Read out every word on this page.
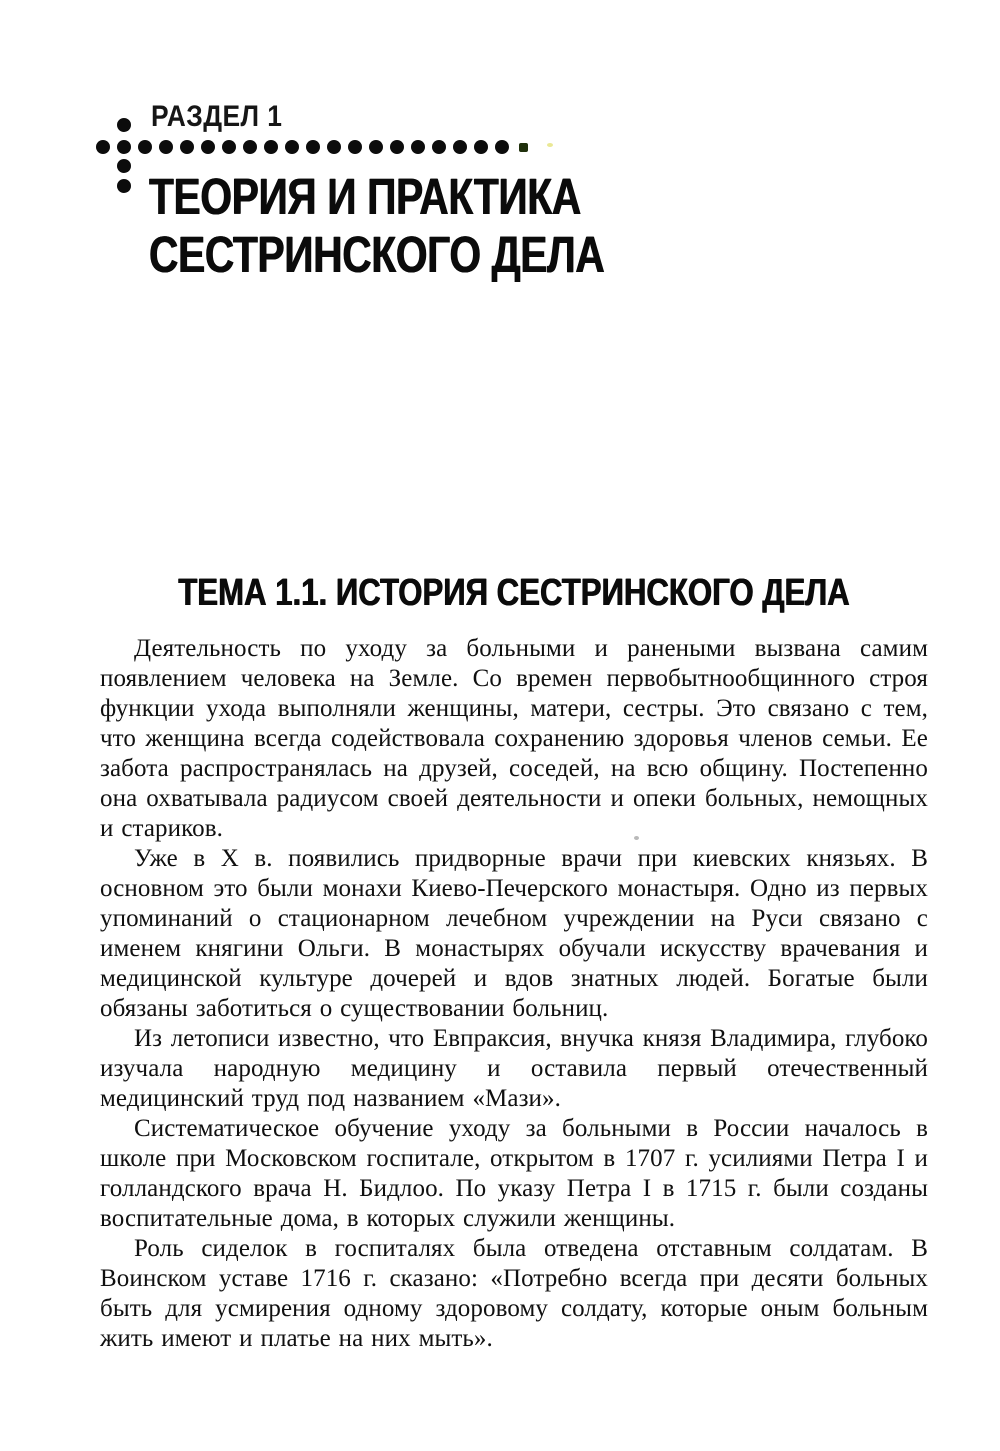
РАЗДЕЛ 1
ТЕОРИЯ И ПРАКТИКА
СЕСТРИНСКОГО ДЕЛА
ТЕМА 1.1. ИСТОРИЯ СЕСТРИНСКОГО ДЕЛА

Деятельность по уходу за больными и ранеными вызвана самим появлением человека на Земле. Со времен первобытнообщинного строя функции ухода выполняли женщины, матери, сестры. Это связано с тем, что женщина всегда содействовала сохранению здоровья членов семьи. Ее забота распространялась на друзей, соседей, на всю общину. Постепенно она охватывала радиусом своей деятельности и опеки больных, немощных и стариков.

Уже в X в. появились придворные врачи при киевских князьях. В основном это были монахи Киево-Печерского монастыря. Одно из первых упоминаний о стационарном лечебном учреждении на Руси связано с именем княгини Ольги. В монастырях обучали искусству врачевания и медицинской культуре дочерей и вдов знатных людей. Богатые были обязаны заботиться о существовании больниц.

Из летописи известно, что Евпраксия, внучка князя Владимира, глубоко изучала народную медицину и оставила первый отечественный медицинский труд под названием «Мази».

Систематическое обучение уходу за больными в России началось в школе при Московском госпитале, открытом в 1707 г. усилиями Петра I и голландского врача Н. Бидлоо. По указу Петра I в 1715 г. были созданы воспитательные дома, в которых служили женщины.

Роль сиделок в госпиталях была отведена отставным солдатам. В Воинском уставе 1716 г. сказано: «Потребно всегда при десяти больных быть для усмирения одному здоровому солдату, которые оным больным жить имеют и платье на них мыть».
